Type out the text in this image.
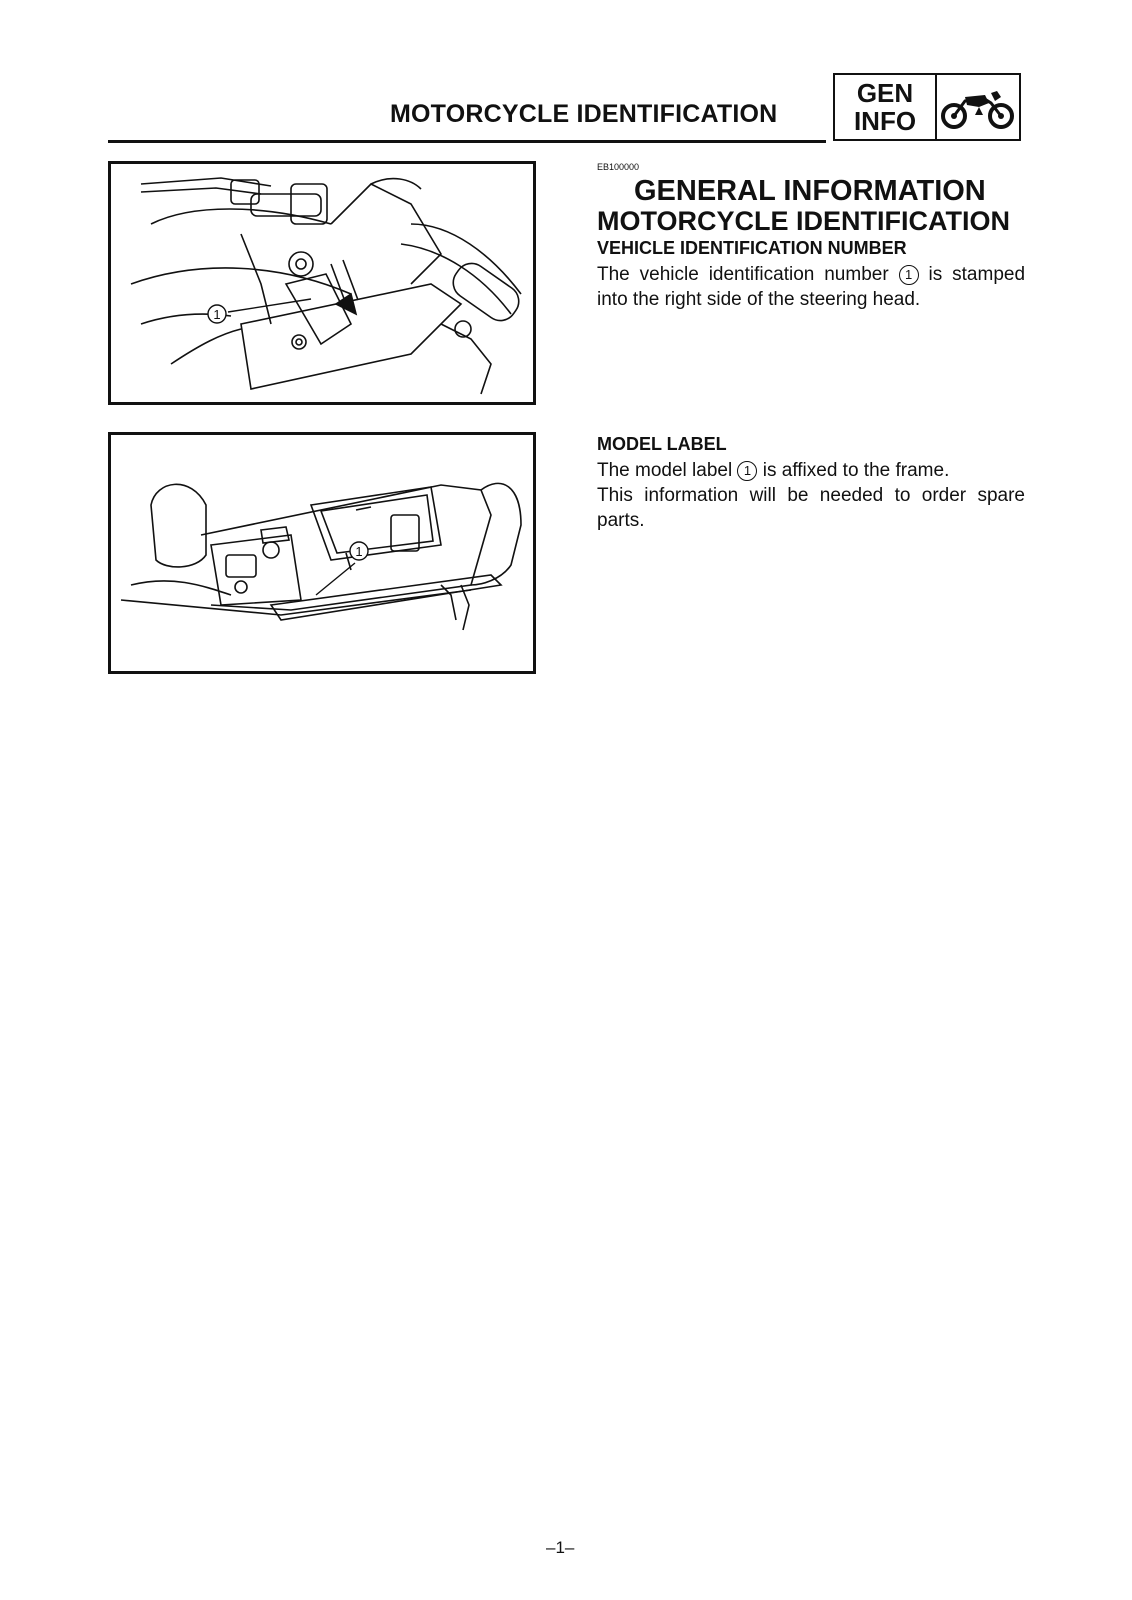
MOTORCYCLE IDENTIFICATION
GEN
INFO
1
1
EB100000
GENERAL INFORMATION
MOTORCYCLE IDENTIFICATION
VEHICLE IDENTIFICATION NUMBER
The vehicle identification number 1 is stamped into the right side of the steering head.
MODEL LABEL
The model label 1 is affixed to the frame.
This information will be needed to order spare parts.
–1–
